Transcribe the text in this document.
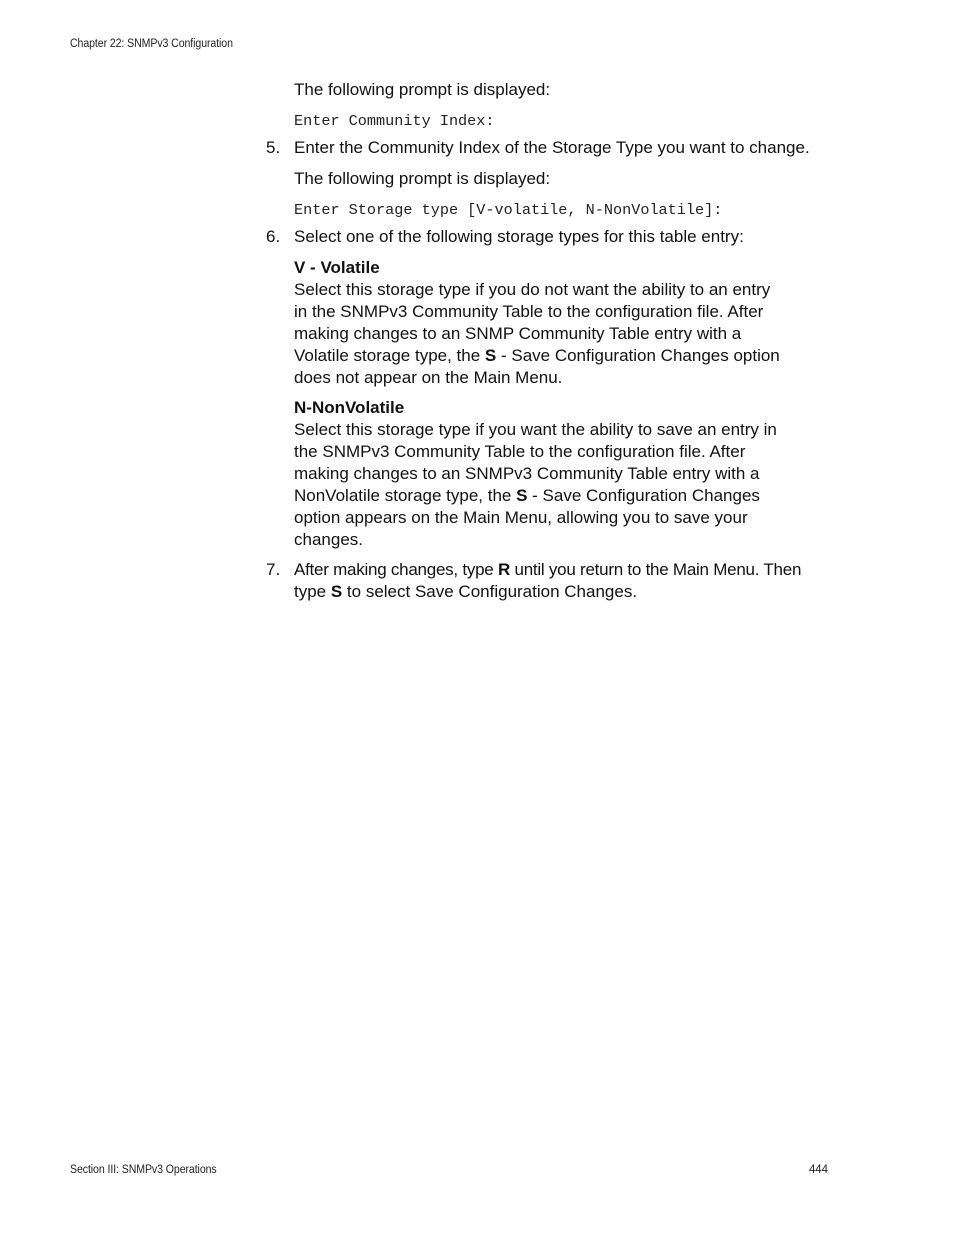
Chapter 22: SNMPv3 Configuration
The following prompt is displayed:
Enter Community Index:
5. Enter the Community Index of the Storage Type you want to change.
The following prompt is displayed:
Enter Storage type [V-volatile, N-NonVolatile]:
6. Select one of the following storage types for this table entry:
V - Volatile
Select this storage type if you do not want the ability to an entry
in the SNMPv3 Community Table to the configuration file. After
making changes to an SNMP Community Table entry with a
Volatile storage type, the S - Save Configuration Changes option
does not appear on the Main Menu.
N-NonVolatile
Select this storage type if you want the ability to save an entry in
the SNMPv3 Community Table to the configuration file. After
making changes to an SNMPv3 Community Table entry with a
NonVolatile storage type, the S - Save Configuration Changes
option appears on the Main Menu, allowing you to save your
changes.
7. After making changes, type R until you return to the Main Menu. Then
type S to select Save Configuration Changes.
Section III: SNMPv3 Operations	444
